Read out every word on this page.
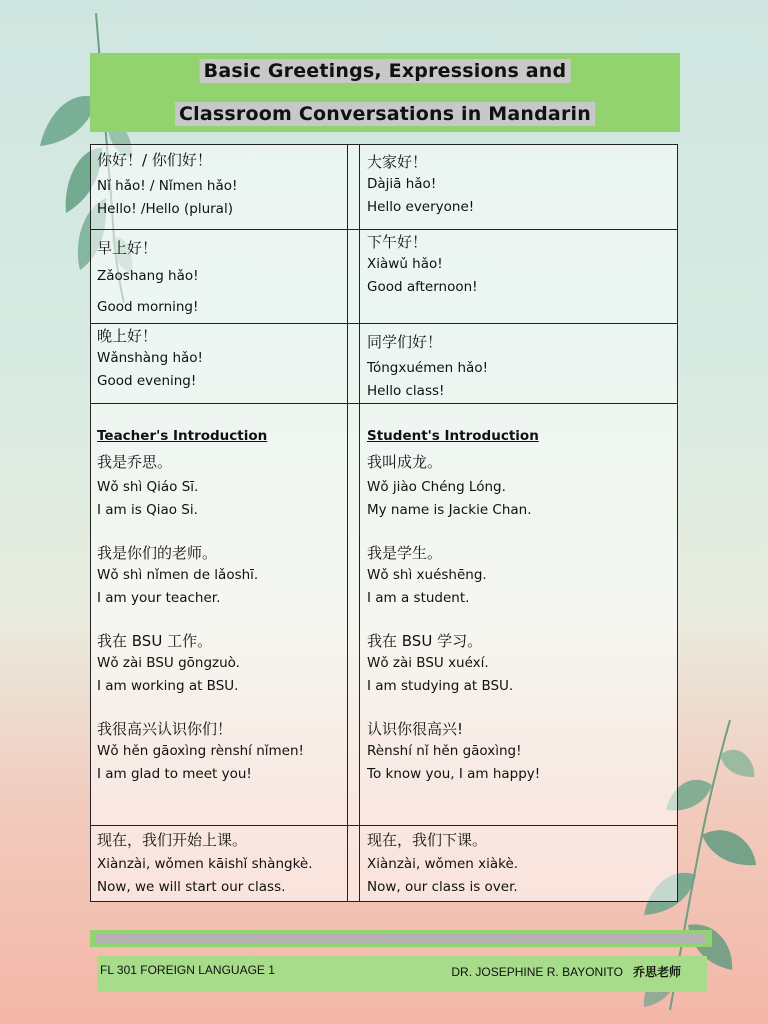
Basic Greetings, Expressions and
Classroom Conversations in Mandarin
你好！/ 你们好！
Nǐ hǎo! / Nǐmen hǎo!
Hello! /Hello (plural)
大家好！
Dàjiā hǎo!
Hello everyone!
早上好！
Zǎoshang hǎo!
Good morning!
下午好！
Xiàwǔ hǎo!
Good afternoon!
晚上好！
Wǎnshàng hǎo!
Good evening!
同学们好！
Tóngxuémen hǎo!
Hello class!
Teacher's Introduction
我是乔思。
Wǒ shì Qiáo Sī.
I am is Qiao Si.
我是你们的老师。
Wǒ shì nǐmen de lǎoshī.
I am your teacher.
我在 BSU 工作。
Wǒ zài BSU gōngzuò.
I am working at BSU.
我很高兴认识你们！
Wǒ hěn gāoxìng rènshí nǐmen!
I am glad to meet you!
Student's Introduction
我叫成龙。
Wǒ jiào Chéng Lóng.
My name is Jackie Chan.
我是学生。
Wǒ shì xuéshēng.
I am a student.
我在 BSU 学习。
Wǒ zài BSU xuéxí.
I am studying at BSU.
认识你很高兴!
Rènshí nǐ hěn gāoxìng!
To know you, I am happy!
现在，我们开始上课。
Xiànzài, wǒmen kāishǐ shàngkè.
Now, we will start our class.
现在，我们下课。
Xiànzài, wǒmen xiàkè.
Now, our class is over.
FL 301 FOREIGN LANGUAGE 1	DR. JOSEPHINE R. BAYONITO 乔思老师
